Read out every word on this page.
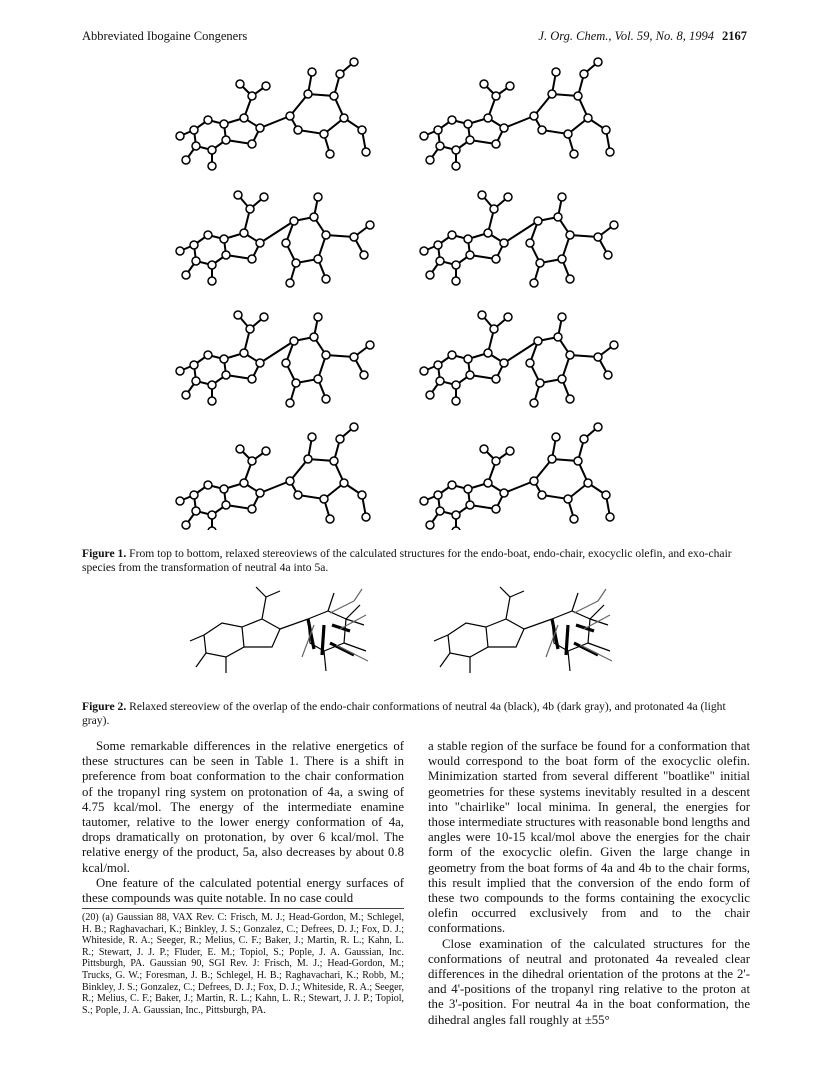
Abbreviated Ibogaine Congeners	J. Org. Chem., Vol. 59, No. 8, 1994 2167
Figure 1. From top to bottom, relaxed stereoviews of the calculated structures for the endo-boat, endo-chair, exocyclic olefin, and exo-chair species from the transformation of neutral 4a into 5a.
Figure 2. Relaxed stereoview of the overlap of the endo-chair conformations of neutral 4a (black), 4b (dark gray), and protonated 4a (light gray).

Some remarkable differences in the relative energetics of these structures can be seen in Table 1. There is a shift in preference from boat conformation to the chair conformation of the tropanyl ring system on protonation of 4a, a swing of 4.75 kcal/mol. The energy of the intermediate enamine tautomer, relative to the lower energy conformation of 4a, drops dramatically on protonation, by over 6 kcal/mol. The relative energy of the product, 5a, also decreases by about 0.8 kcal/mol.

One feature of the calculated potential energy surfaces of these compounds was quite notable. In no case could

(20) (a) Gaussian 88, VAX Rev. C: Frisch, M. J.; Head-Gordon, M.; Schlegel, H. B.; Raghavachari, K.; Binkley, J. S.; Gonzalez, C.; Defrees, D. J.; Fox, D. J.; Whiteside, R. A.; Seeger, R.; Melius, C. F.; Baker, J.; Martin, R. L.; Kahn, L. R.; Stewart, J. J. P.; Fluder, E. M.; Topiol, S.; Pople, J. A. Gaussian, Inc. Pittsburgh, PA. Gaussian 90, SGI Rev. J: Frisch, M. J.; Head-Gordon, M.; Trucks, G. W.; Foresman, J. B.; Schlegel, H. B.; Raghavachari, K.; Robb, M.; Binkley, J. S.; Gonzalez, C.; Defrees, D. J.; Fox, D. J.; Whiteside, R. A.; Seeger, R.; Melius, C. F.; Baker, J.; Martin, R. L.; Kahn, L. R.; Stewart, J. J. P.; Topiol, S.; Pople, J. A. Gaussian, Inc., Pittsburgh, PA.

a stable region of the surface be found for a conformation that would correspond to the boat form of the exocyclic olefin. Minimization started from several different "boatlike" initial geometries for these systems inevitably resulted in a descent into "chairlike" local minima. In general, the energies for those intermediate structures with reasonable bond lengths and angles were 10-15 kcal/mol above the energies for the chair form of the exocyclic olefin. Given the large change in geometry from the boat forms of 4a and 4b to the chair forms, this result implied that the conversion of the endo form of these two compounds to the forms containing the exocyclic olefin occurred exclusively from and to the chair conformations.

Close examination of the calculated structures for the conformations of neutral and protonated 4a revealed clear differences in the dihedral orientation of the protons at the 2'- and 4'-positions of the tropanyl ring relative to the proton at the 3'-position. For neutral 4a in the boat conformation, the dihedral angles fall roughly at ±55°
